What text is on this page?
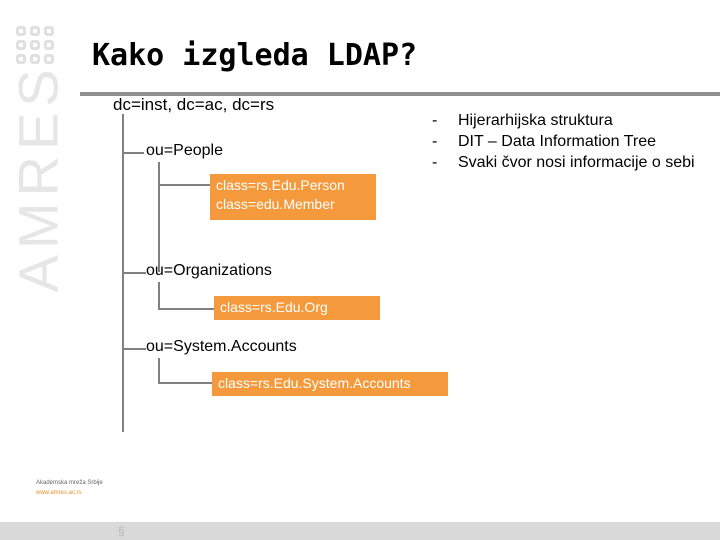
AMRES
Kako izgleda LDAP?
dc=inst, dc=ac, dc=rs
ou=People
class=rs.Edu.Person
class=edu.Member
ou=Organizations
class=rs.Edu.Org
ou=System.Accounts
class=rs.Edu.System.Accounts
-	Hijerarhijska struktura
-	DIT – Data Information Tree
-	Svaki čvor nosi informacije o sebi
Akademska mreža Srbije
www.amres.ac.rs
§
